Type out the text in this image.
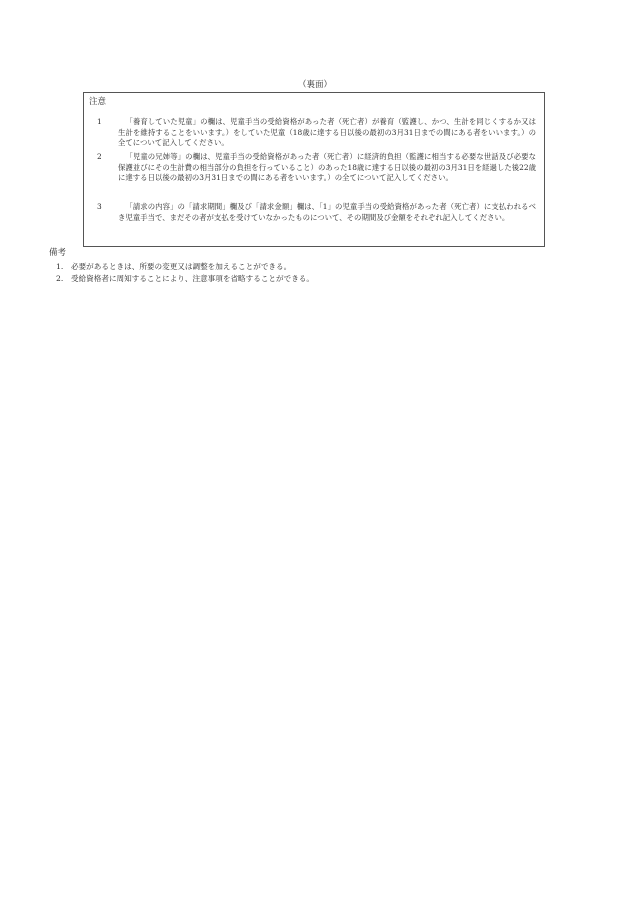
（裏面）
注意
1	「養育していた児童」の欄は、児童手当の受給資格があった者（死亡者）が養育（監護し、かつ、生計を同じくするか又は生計を維持することをいいます。）をしていた児童（18歳に達する日以後の最初の3月31日までの間にある者をいいます。）の全てについて記入してください。
2	「児童の兄姉等」の欄は、児童手当の受給資格があった者（死亡者）に経済的負担（監護に相当する必要な世話及び必要な保護並びにその生計費の相当部分の負担を行っていること）のあった18歳に達する日以後の最初の3月31日を経過した後22歳に達する日以後の最初の3月31日までの間にある者をいいます。）の全てについて記入してください。
3	「請求の内容」の「請求期間」欄及び「請求金額」欄は、「1」の児童手当の受給資格があった者（死亡者）に支払われるべき児童手当で、まだその者が支払を受けていなかったものについて、その期間及び金額をそれぞれ記入してください。
備考
1. 必要があるときは、所要の変更又は調整を加えることができる。
2. 受給資格者に周知することにより、注意事項を省略することができる。
